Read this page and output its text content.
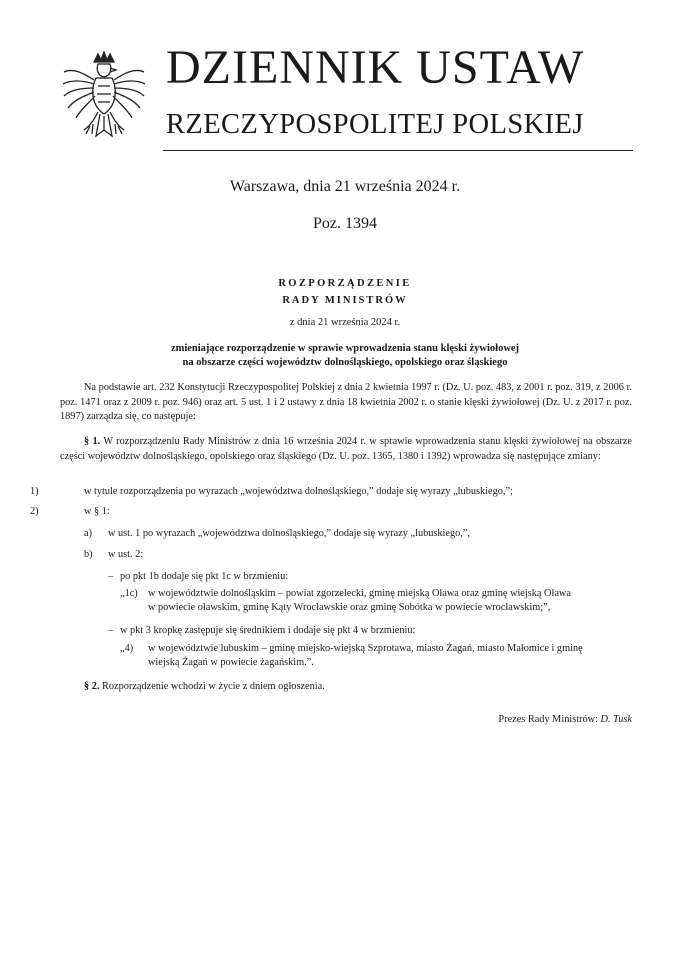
DZIENNIK USTAW
RZECZYPOSPOLITEJ POLSKIEJ
Warszawa, dnia 21 września 2024 r.
Poz. 1394
ROZPORZĄDZENIE
RADY MINISTRÓW
z dnia 21 września 2024 r.
zmieniające rozporządzenie w sprawie wprowadzenia stanu klęski żywiołowej
na obszarze części województw dolnośląskiego, opolskiego oraz śląskiego
Na podstawie art. 232 Konstytucji Rzeczypospolitej Polskiej z dnia 2 kwietnia 1997 r. (Dz. U. poz. 483, z 2001 r. poz. 319, z 2006 r. poz. 1471 oraz z 2009 r. poz. 946) oraz art. 5 ust. 1 i 2 ustawy z dnia 18 kwietnia 2002 r. o stanie klęski żywiołowej (Dz. U. z 2017 r. poz. 1897) zarządza się, co następuje:
§ 1. W rozporządzeniu Rady Ministrów z dnia 16 września 2024 r. w sprawie wprowadzenia stanu klęski żywiołowej na obszarze części województw dolnośląskiego, opolskiego oraz śląskiego (Dz. U. poz. 1365, 1380 i 1392) wprowadza się następujące zmiany:
1)	w tytule rozporządzenia po wyrazach „województwa dolnośląskiego,” dodaje się wyrazy „lubuskiego,”;
2)	w § 1:
a) w ust. 1 po wyrazach „województwa dolnośląskiego,” dodaje się wyrazy „lubuskiego,”,
b) w ust. 2:
– po pkt 1b dodaje się pkt 1c w brzmieniu:
„1c) w województwie dolnośląskim – powiat zgorzelecki, gminę miejską Oława oraz gminę wiejską Oława
w powiecie oławskim, gminę Kąty Wrocławskie oraz gminę Sobótka w powiecie wrocławskim;”,
– w pkt 3 kropkę zastępuje się średnikiem i dodaje się pkt 4 w brzmieniu:
„4) w województwie lubuskim – gminę miejsko-wiejską Szprotawa, miasto Żagań, miasto Małomice i gminę
wiejską Żagań w powiecie żagańskim.”.
§ 2. Rozporządzenie wchodzi w życie z dniem ogłoszenia.
Prezes Rady Ministrów: D. Tusk
